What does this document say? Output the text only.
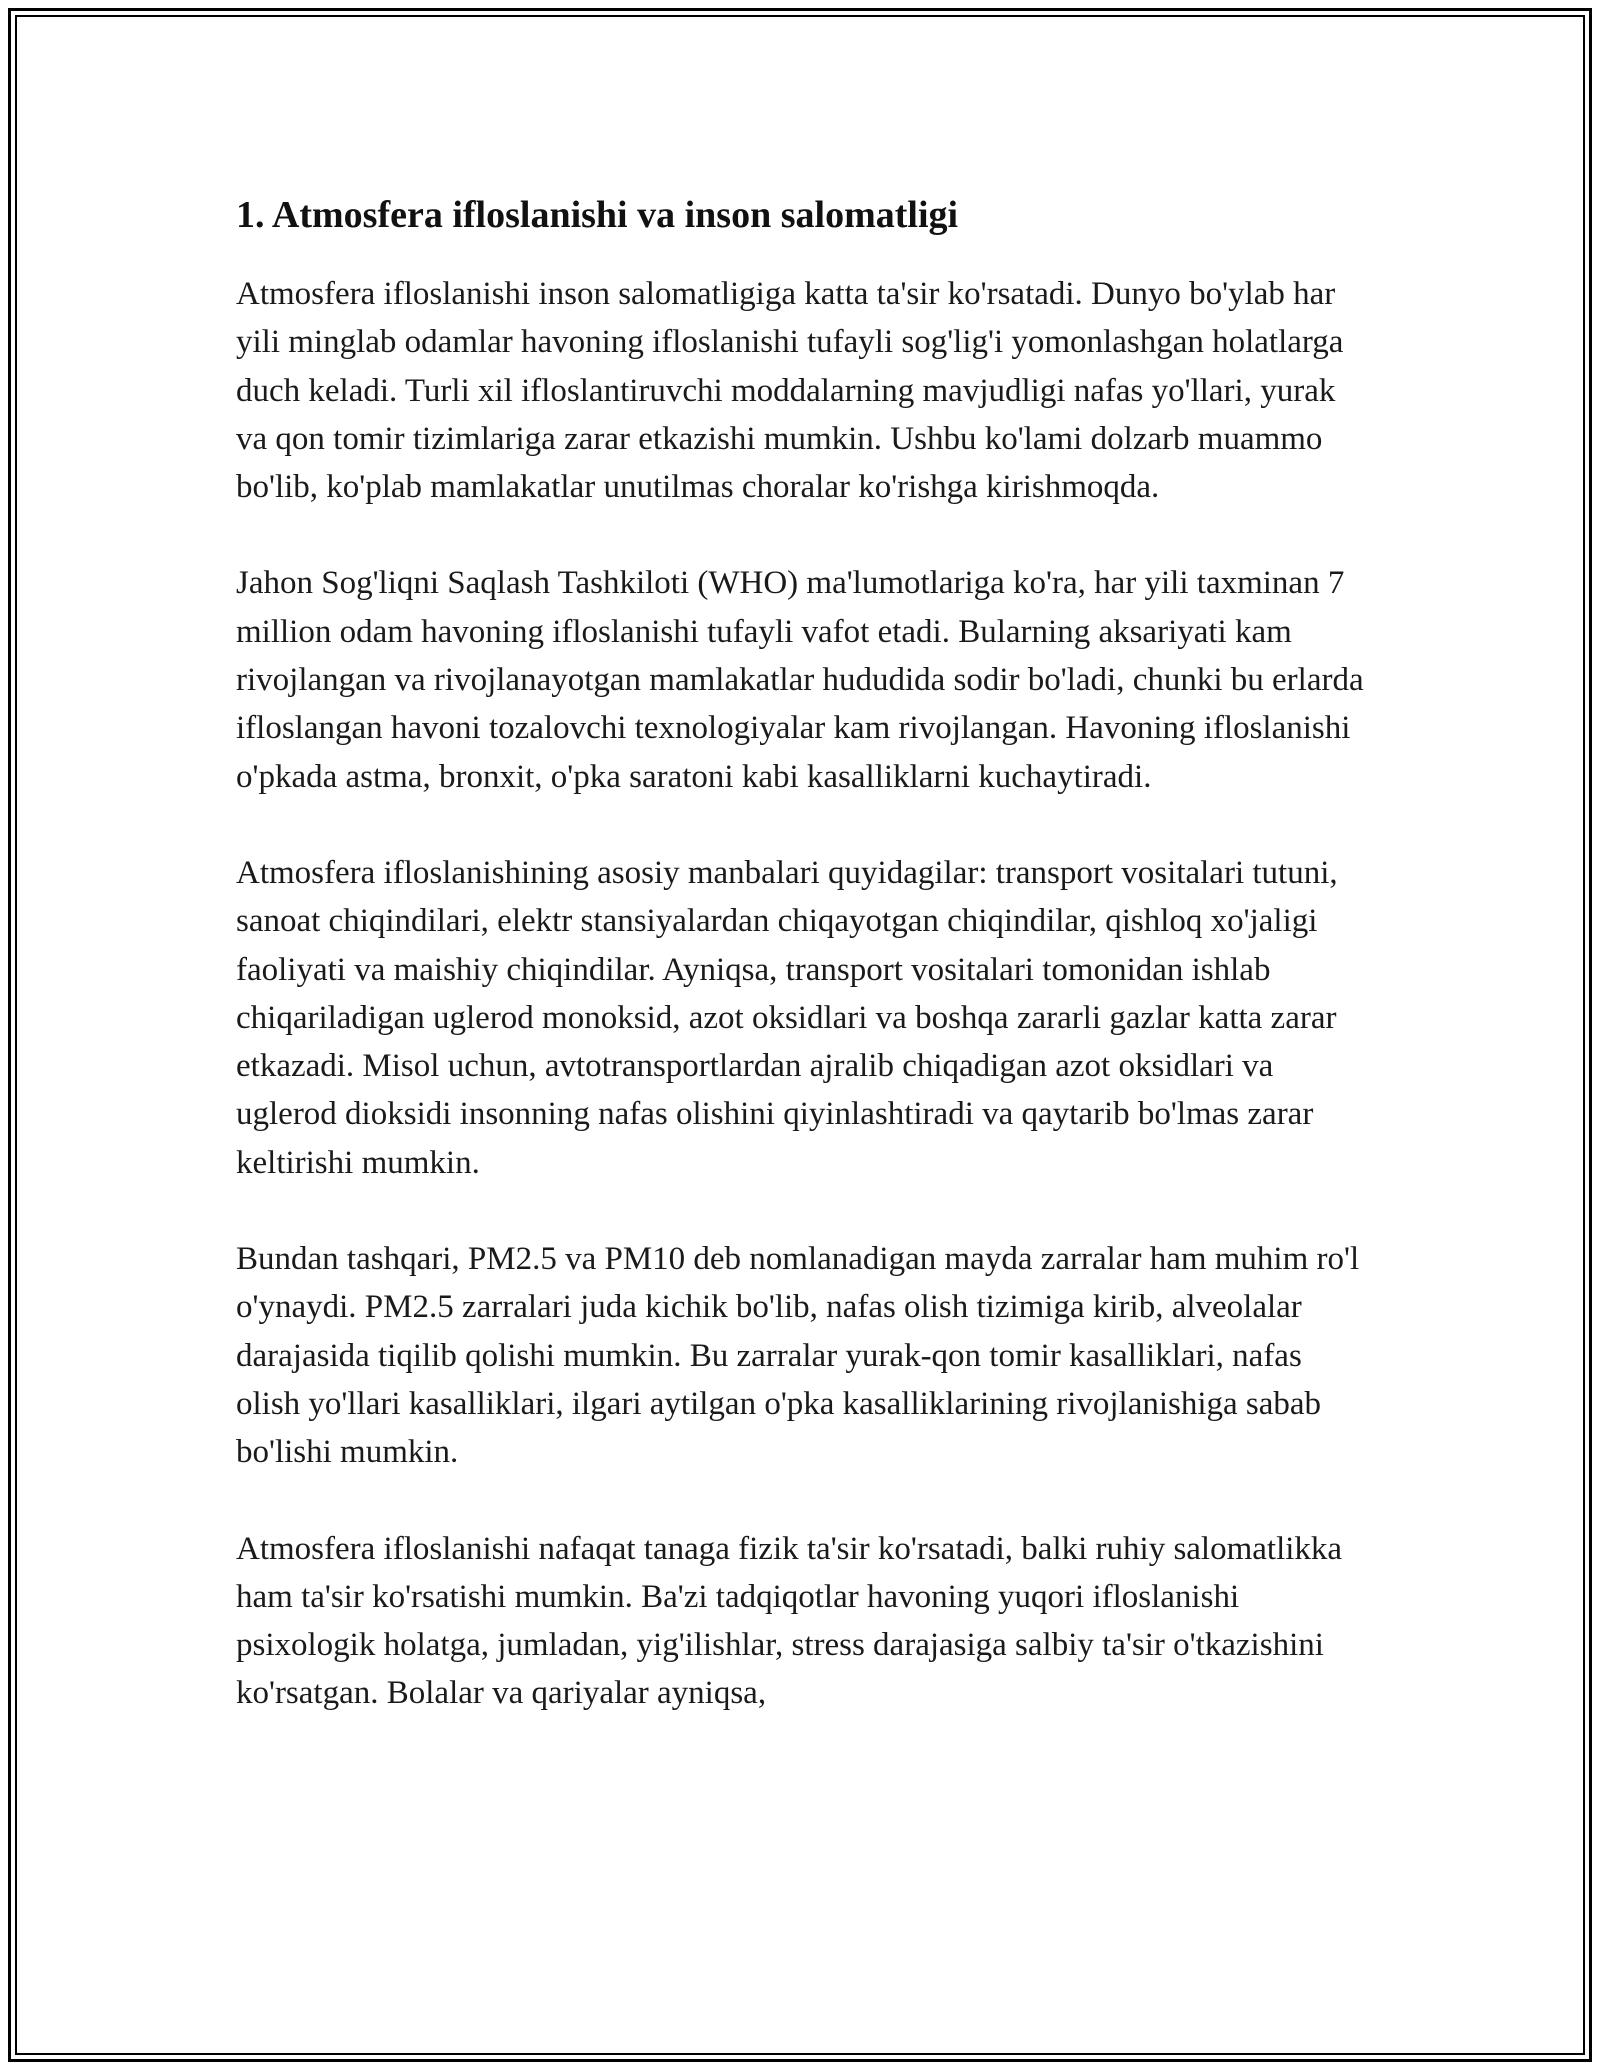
1. Atmosfera ifloslanishi va inson salomatligi

Atmosfera ifloslanishi inson salomatligiga katta ta'sir ko'rsatadi. Dunyo bo'ylab har yili minglab odamlar havoning ifloslanishi tufayli sog'lig'i yomonlashgan holatlarga duch keladi. Turli xil ifloslantiruvchi moddalarning mavjudligi nafas yo'llari, yurak va qon tomir tizimlariga zarar etkazishi mumkin. Ushbu ko'lami dolzarb muammo bo'lib, ko'plab mamlakatlar unutilmas choralar ko'rishga kirishmoqda.

Jahon Sog'liqni Saqlash Tashkiloti (WHO) ma'lumotlariga ko'ra, har yili taxminan 7 million odam havoning ifloslanishi tufayli vafot etadi. Bularning aksariyati kam rivojlangan va rivojlanayotgan mamlakatlar hududida sodir bo'ladi, chunki bu erlarda ifloslangan havoni tozalovchi texnologiyalar kam rivojlangan. Havoning ifloslanishi o'pkada astma, bronxit, o'pka saratoni kabi kasalliklarni kuchaytiradi.

Atmosfera ifloslanishining asosiy manbalari quyidagilar: transport vositalari tutuni, sanoat chiqindilari, elektr stansiyalardan chiqayotgan chiqindilar, qishloq xo'jaligi faoliyati va maishiy chiqindilar. Ayniqsa, transport vositalari tomonidan ishlab chiqariladigan uglerod monoksid, azot oksidlari va boshqa zararli gazlar katta zarar etkazadi. Misol uchun, avtotransportlardan ajralib chiqadigan azot oksidlari va uglerod dioksidi insonning nafas olishini qiyinlashtiradi va qaytarib bo'lmas zarar keltirishi mumkin.

Bundan tashqari, PM2.5 va PM10 deb nomlanadigan mayda zarralar ham muhim ro'l o'ynaydi. PM2.5 zarralari juda kichik bo'lib, nafas olish tizimiga kirib, alveolalar darajasida tiqilib qolishi mumkin. Bu zarralar yurak-qon tomir kasalliklari, nafas olish yo'llari kasalliklari, ilgari aytilgan o'pka kasalliklarining rivojlanishiga sabab bo'lishi mumkin.

Atmosfera ifloslanishi nafaqat tanaga fizik ta'sir ko'rsatadi, balki ruhiy salomatlikka ham ta'sir ko'rsatishi mumkin. Ba'zi tadqiqotlar havoning yuqori ifloslanishi psixologik holatga, jumladan, yig'ilishlar, stress darajasiga salbiy ta'sir o'tkazishini ko'rsatgan. Bolalar va qariyalar ayniqsa,
